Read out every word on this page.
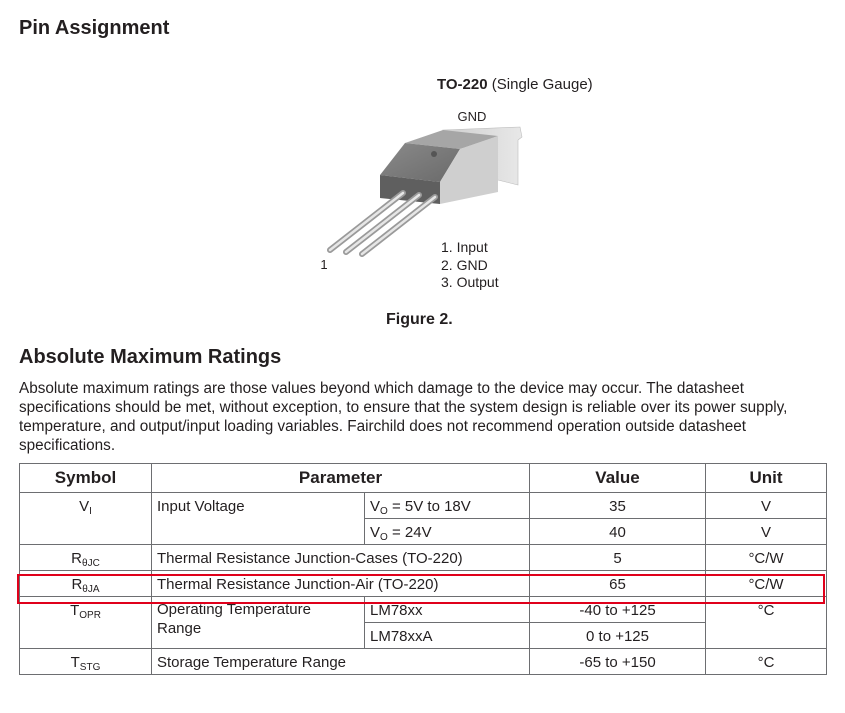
Pin Assignment
TO-220 (Single Gauge)
GND
1
1. Input
2. GND
3. Output
Figure 2.
Absolute Maximum Ratings

Absolute maximum ratings are those values beyond which damage to the device may occur. The datasheet specifications should be met, without exception, to ensure that the system design is reliable over its power supply, temperature, and output/input loading variables. Fairchild does not recommend operation outside datasheet specifications.

Symbol	Parameter		Value	Unit
$V_I$	Input Voltage	$V_O = 5V$ to 18V	35	V
		$V_O = 24V$	40	V
$R_{\theta JC}$	Thermal Resistance Junction-Cases (TO-220)		5	°C/W
$R_{\theta JA}$	Thermal Resistance Junction-Air (TO-220)		65	°C/W
$T_{OPR}$	Operating Temperature Range	LM78xx	-40 to +125	°C
		LM78xxA	0 to +125	
$T_{STG}$	Storage Temperature Range		-65 to +150	°C
